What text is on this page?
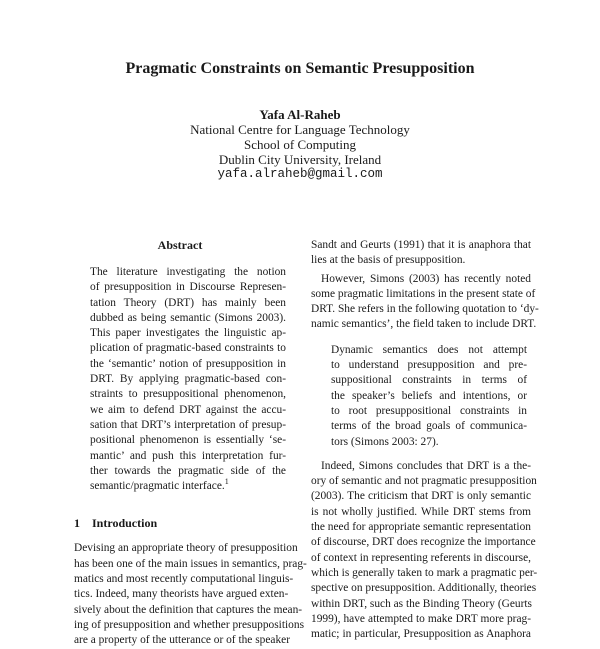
Pragmatic Constraints on Semantic Presupposition
Yafa Al-Raheb
National Centre for Language Technology
School of Computing
Dublin City University, Ireland
yafa.alraheb@gmail.com
Abstract
The literature investigating the notion
of presupposition in Discourse Represen-
tation Theory (DRT) has mainly been
dubbed as being semantic (Simons 2003).
This paper investigates the linguistic ap-
plication of pragmatic-based constraints to
the ‘semantic’ notion of presupposition in
DRT. By applying pragmatic-based con-
straints to presuppositional phenomenon,
we aim to defend DRT against the accu-
sation that DRT’s interpretation of presup-
positional phenomenon is essentially ‘se-
mantic’ and push this interpretation fur-
ther towards the pragmatic side of the
semantic/pragmatic interface.$^1$
1 Introduction
Devising an appropriate theory of presupposition
has been one of the main issues in semantics, prag-
matics and most recently computational linguis-
tics. Indeed, many theorists have argued exten-
sively about the definition that captures the mean-
ing of presupposition and whether presuppositions
are a property of the utterance or of the speaker
Sandt and Geurts (1991) that it is anaphora that
lies at the basis of presupposition.
However, Simons (2003) has recently noted
some pragmatic limitations in the present state of
DRT. She refers in the following quotation to ‘dy-
namic semantics’, the field taken to include DRT.
Dynamic semantics does not attempt
to understand presupposition and pre-
suppositional constraints in terms of
the speaker’s beliefs and intentions, or
to root presuppositional constraints in
terms of the broad goals of communica-
tors (Simons 2003: 27).
Indeed, Simons concludes that DRT is a the-
ory of semantic and not pragmatic presupposition
(2003). The criticism that DRT is only semantic
is not wholly justified. While DRT stems from
the need for appropriate semantic representation
of discourse, DRT does recognize the importance
of context in representing referents in discourse,
which is generally taken to mark a pragmatic per-
spective on presupposition. Additionally, theories
within DRT, such as the Binding Theory (Geurts
1999), have attempted to make DRT more prag-
matic; in particular, Presupposition as Anaphora
